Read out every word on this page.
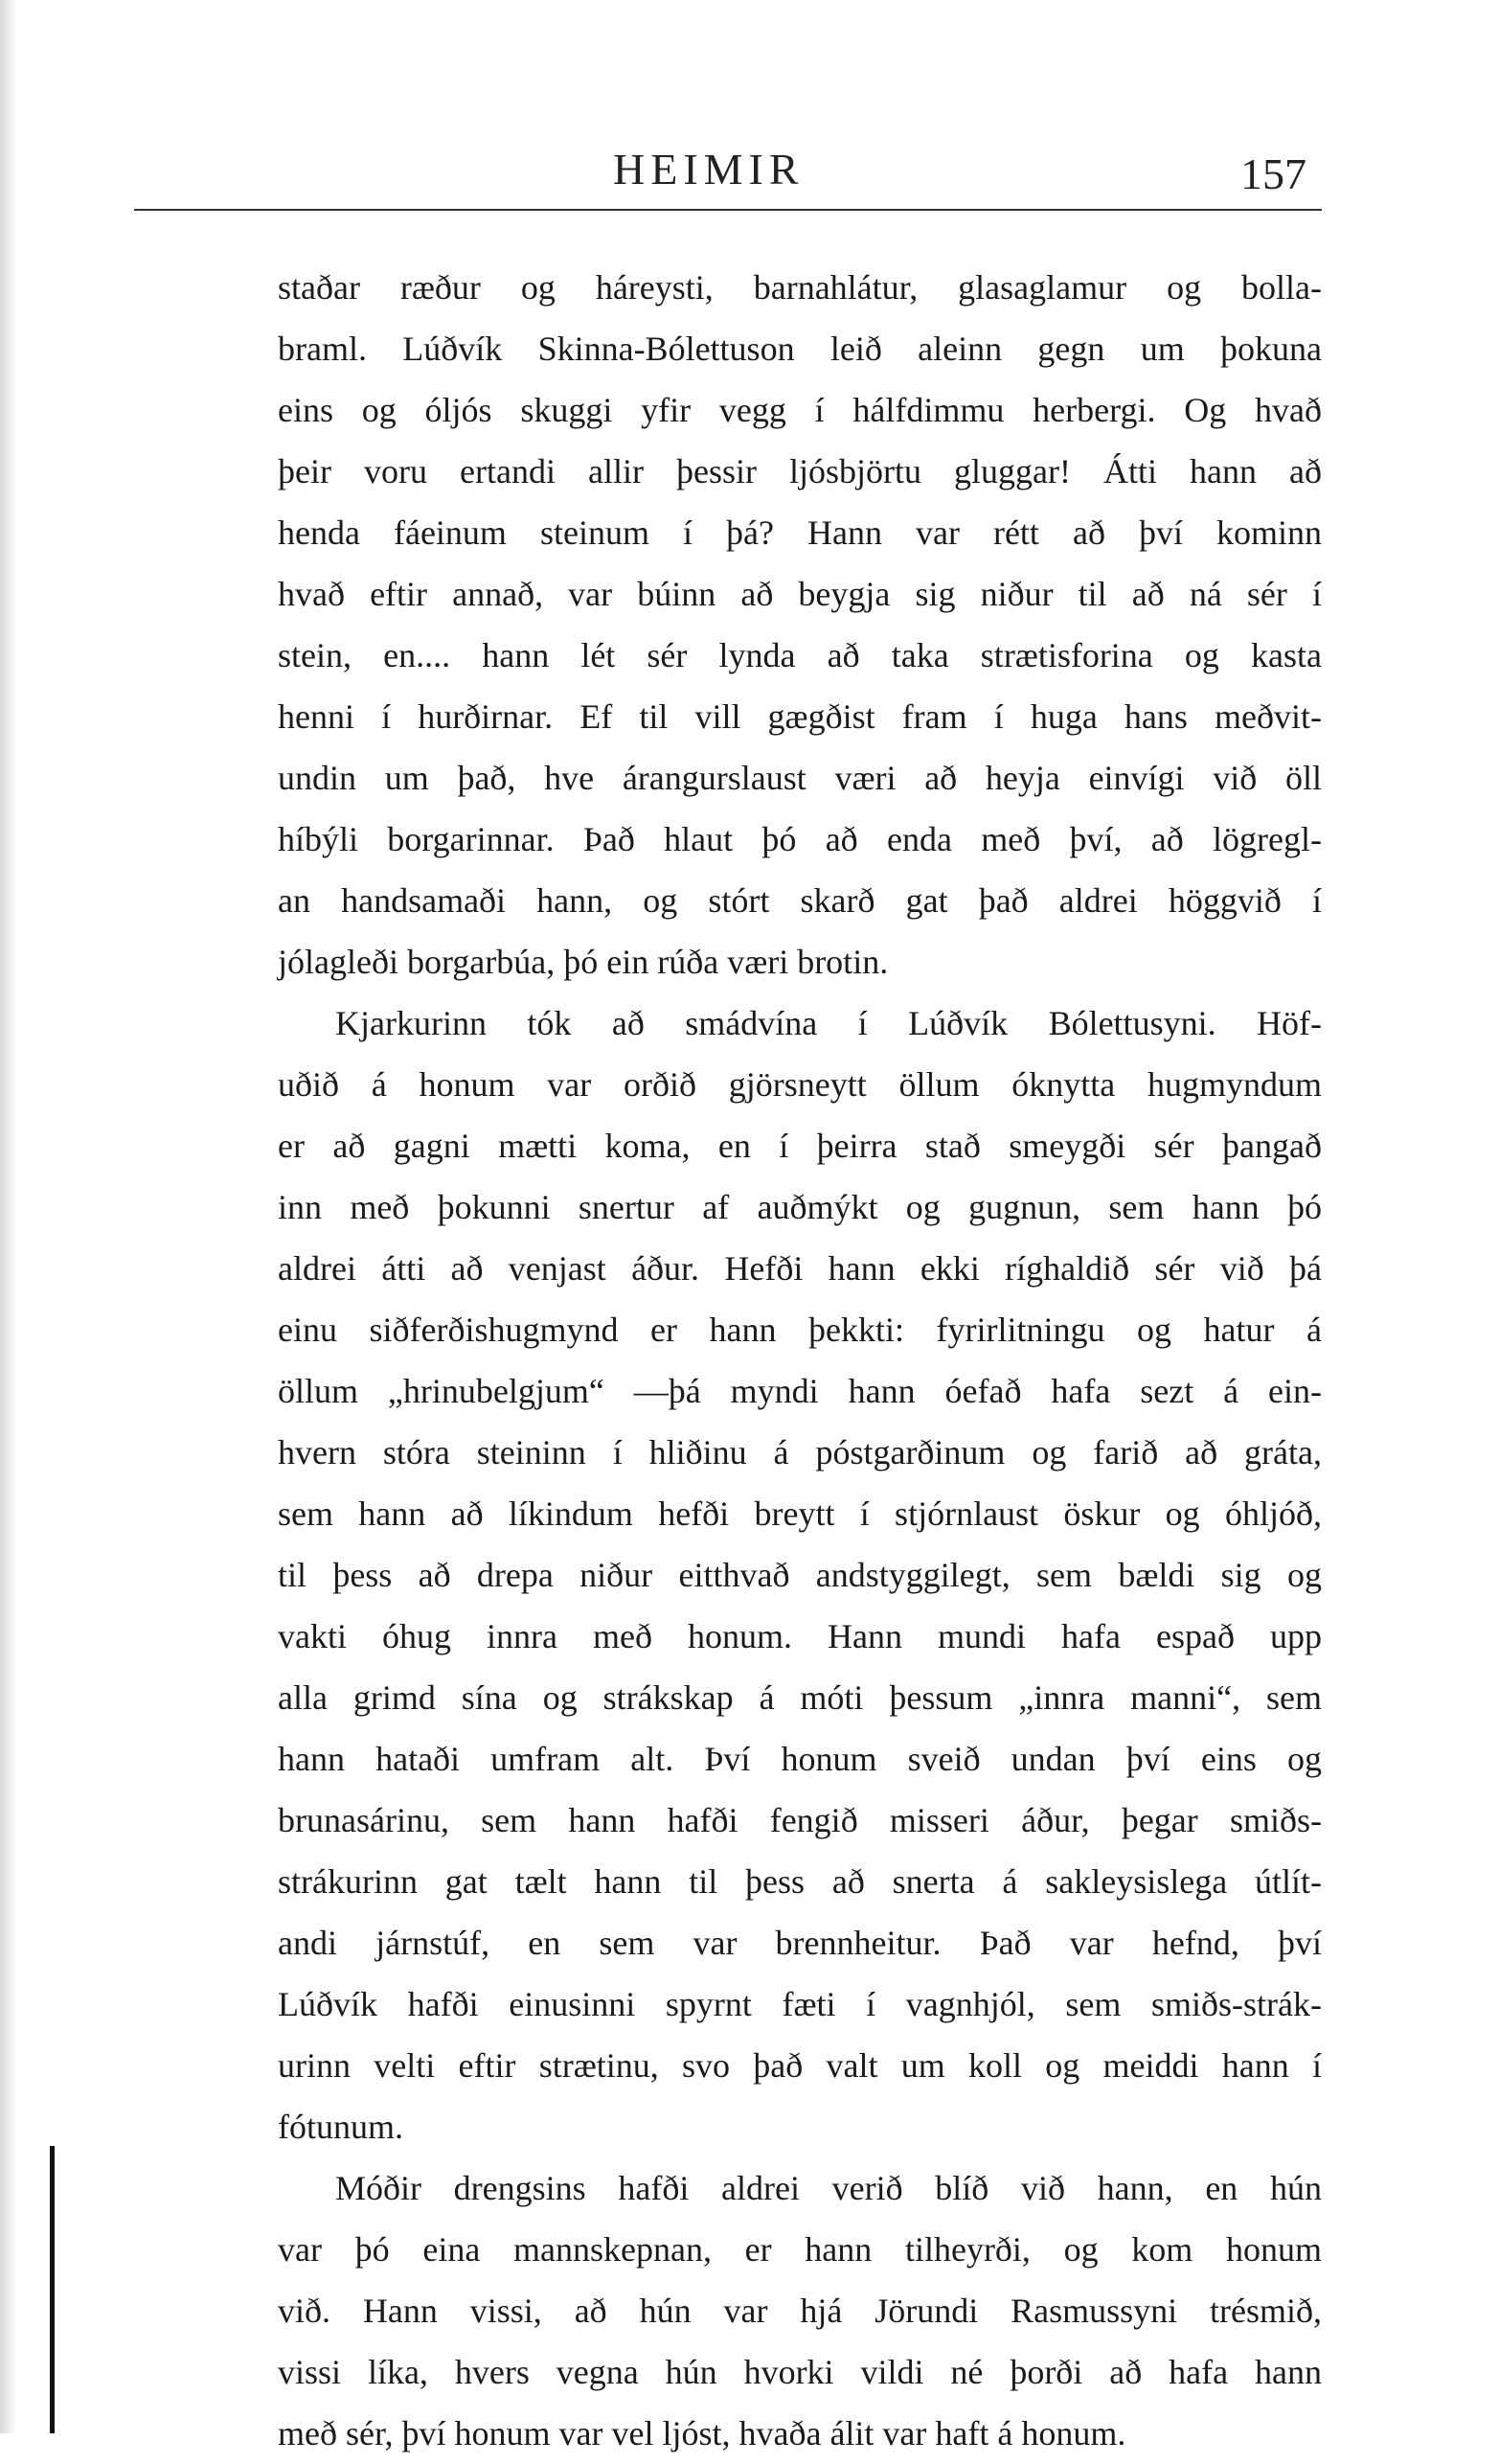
HEIMIR	157
staðar ræður og háreysti, barnahlátur, glasaglamur og bolla-
braml. Lúðvík Skinna-Bólettuson leið aleinn gegn um þokuna
eins og óljós skuggi yfir vegg í hálfdimmu herbergi. Og hvað
þeir voru ertandi allir þessir ljósbjörtu gluggar! Átti hann að
henda fáeinum steinum í þá? Hann var rétt að því kominn
hvað eftir annað, var búinn að beygja sig niður til að ná sér í
stein, en.... hann lét sér lynda að taka strætisforina og kasta
henni í hurðirnar. Ef til vill gægðist fram í huga hans meðvit-
undin um það, hve árangurslaust væri að heyja einvígi við öll
híbýli borgarinnar. Það hlaut þó að enda með því, að lögregl-
an handsamaði hann, og stórt skarð gat það aldrei höggvið í
jólagleði borgarbúa, þó ein rúða væri brotin.
Kjarkurinn tók að smádvína í Lúðvík Bólettusyni. Höf-
uðið á honum var orðið gjörsneytt öllum óknytta hugmyndum
er að gagni mætti koma, en í þeirra stað smeygði sér þangað
inn með þokunni snertur af auðmýkt og gugnun, sem hann þó
aldrei átti að venjast áður. Hefði hann ekki ríghaldið sér við þá
einu siðferðishugmynd er hann þekkti: fyrirlitningu og hatur á
öllum „hrinubelgjum“ —þá myndi hann óefað hafa sezt á ein-
hvern stóra steininn í hliðinu á póstgarðinum og farið að gráta,
sem hann að líkindum hefði breytt í stjórnlaust öskur og óhljóð,
til þess að drepa niður eitthvað andstyggilegt, sem bældi sig og
vakti óhug innra með honum. Hann mundi hafa espað upp
alla grimd sína og strákskap á móti þessum „innra manni“, sem
hann hataði umfram alt. Því honum sveið undan því eins og
brunasárinu, sem hann hafði fengið misseri áður, þegar smiðs-
strákurinn gat tælt hann til þess að snerta á sakleysislega útlít-
andi járnstúf, en sem var brennheitur. Það var hefnd, því
Lúðvík hafði einusinni spyrnt fæti í vagnhjól, sem smiðs-strák-
urinn velti eftir strætinu, svo það valt um koll og meiddi hann í
fótunum.
Móðir drengsins hafði aldrei verið blíð við hann, en hún
var þó eina mannskepnan, er hann tilheyrði, og kom honum
við. Hann vissi, að hún var hjá Jörundi Rasmussyni trésmið,
vissi líka, hvers vegna hún hvorki vildi né þorði að hafa hann
með sér, því honum var vel ljóst, hvaða álit var haft á honum.
